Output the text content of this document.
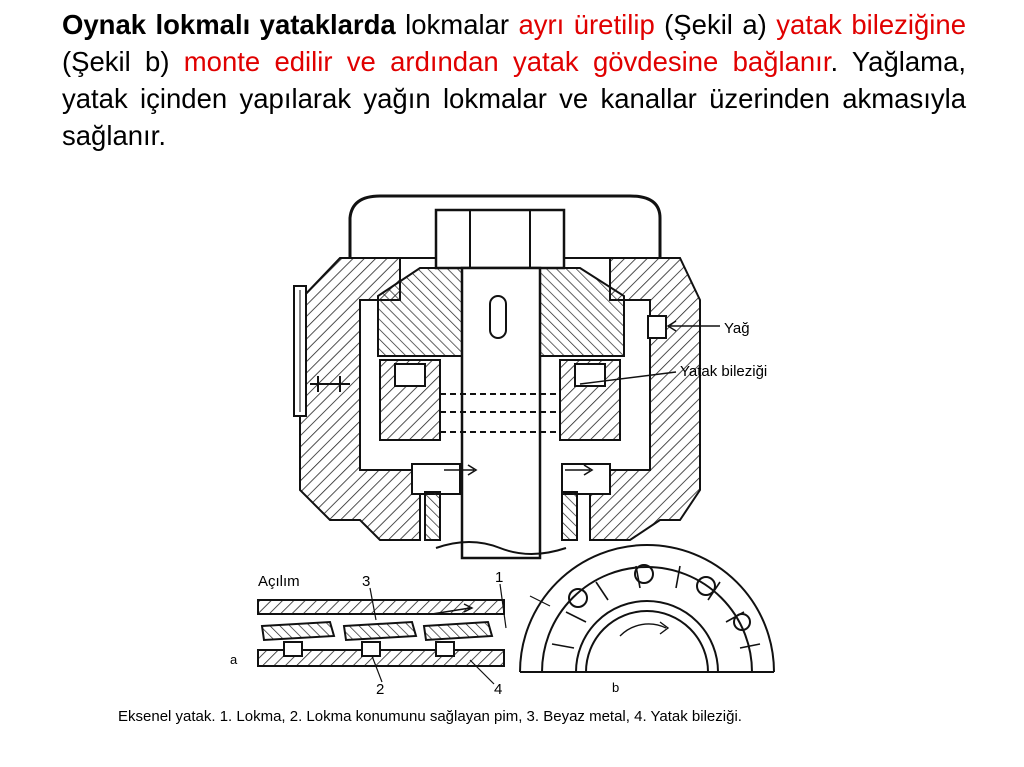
Oynak lokmalı yataklarda lokmalar ayrı üretilip (Şekil a) yatak bileziğine (Şekil b) monte edilir ve ardından yatak gövdesine bağlanır. Yağlama, yatak içinden yapılarak yağın lokmalar ve kanallar üzerinden akmasıyla sağlanır.

Yağ
Yatak bileziği
Açılım	3	1
2	4
a
b
Eksenel yatak. 1. Lokma, 2. Lokma konumunu sağlayan pim, 3. Beyaz metal, 4. Yatak bileziği.
